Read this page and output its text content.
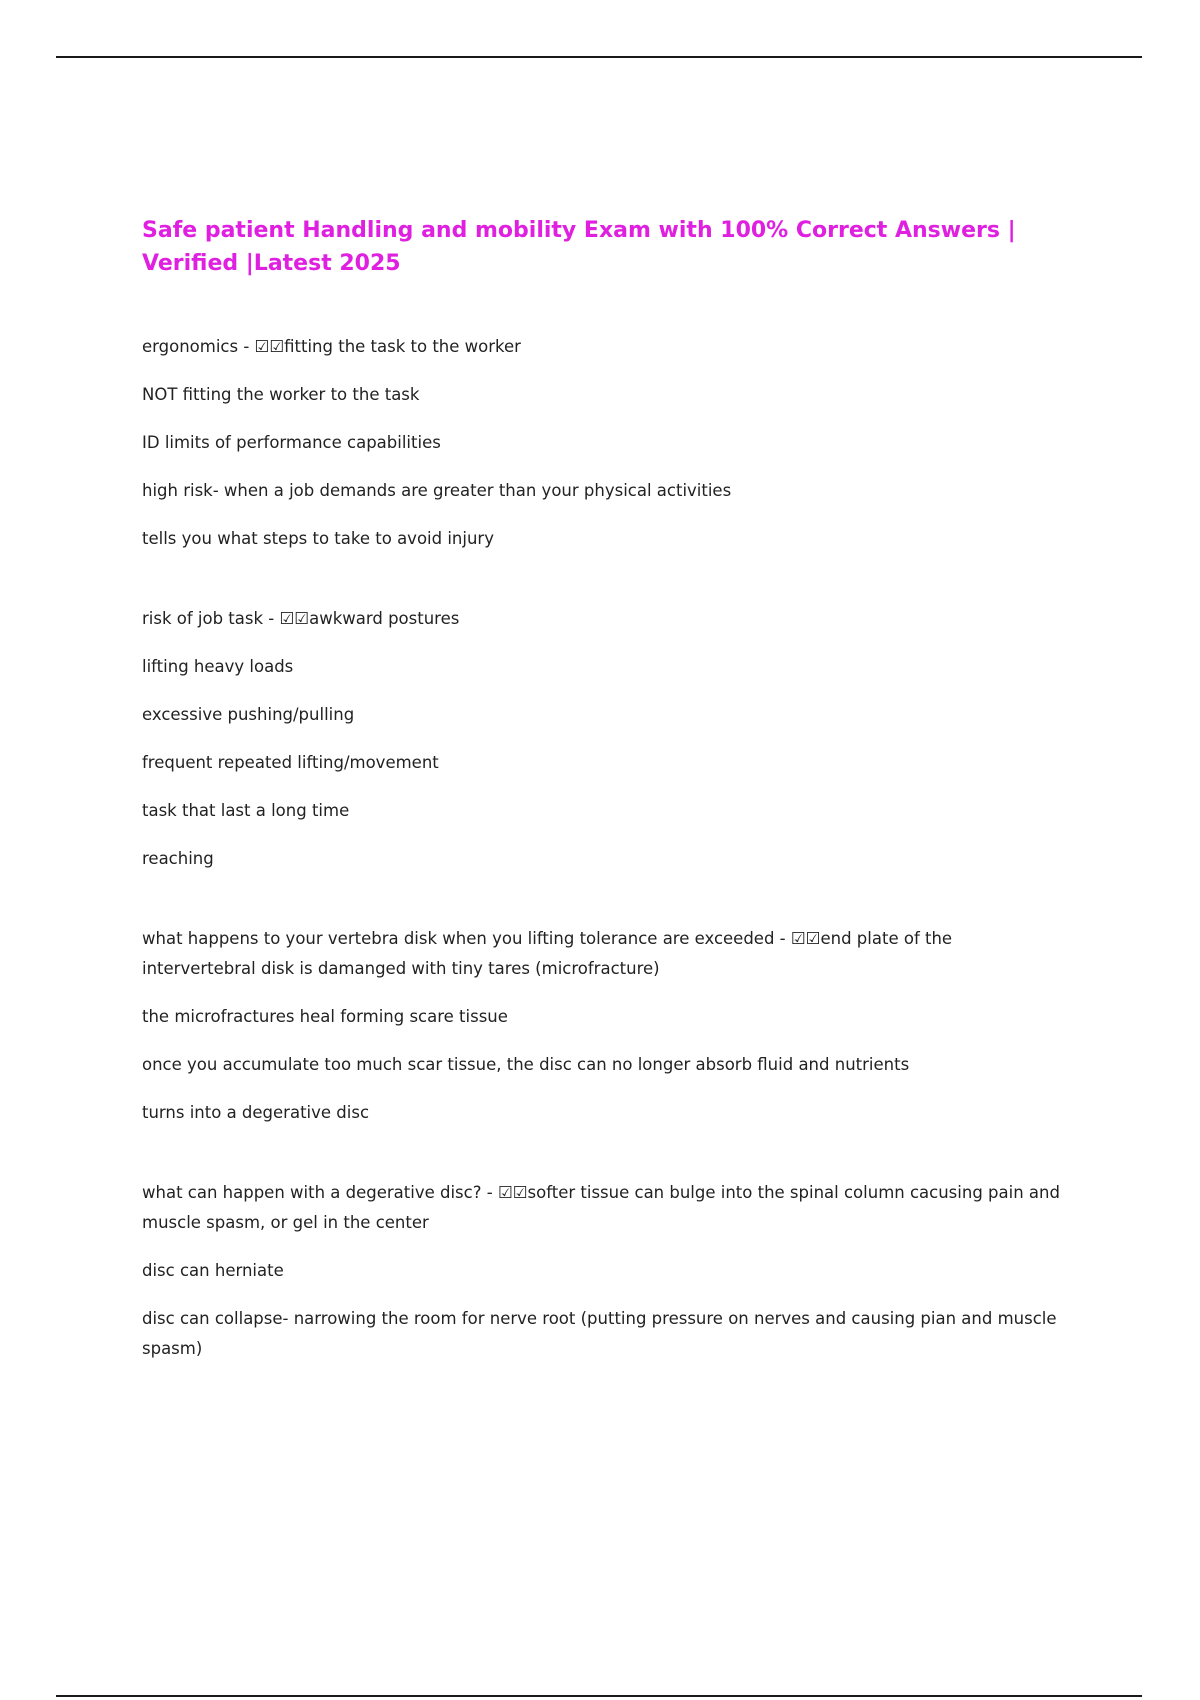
Safe patient Handling and mobility Exam with 100% Correct Answers | Verified |Latest 2025

ergonomics - ☑☑fitting the task to the worker

NOT fitting the worker to the task

ID limits of performance capabilities

high risk- when a job demands are greater than your physical activities

tells you what steps to take to avoid injury

risk of job task - ☑☑awkward postures

lifting heavy loads

excessive pushing/pulling

frequent repeated lifting/movement

task that last a long time

reaching

what happens to your vertebra disk when you lifting tolerance are exceeded - ☑☑end plate of the intervertebral disk is damanged with tiny tares (microfracture)

the microfractures heal forming scare tissue

once you accumulate too much scar tissue, the disc can no longer absorb fluid and nutrients

turns into a degerative disc

what can happen with a degerative disc? - ☑☑softer tissue can bulge into the spinal column cacusing pain and muscle spasm, or gel in the center

disc can herniate

disc can collapse- narrowing the room for nerve root (putting pressure on nerves and causing pian and muscle spasm)
